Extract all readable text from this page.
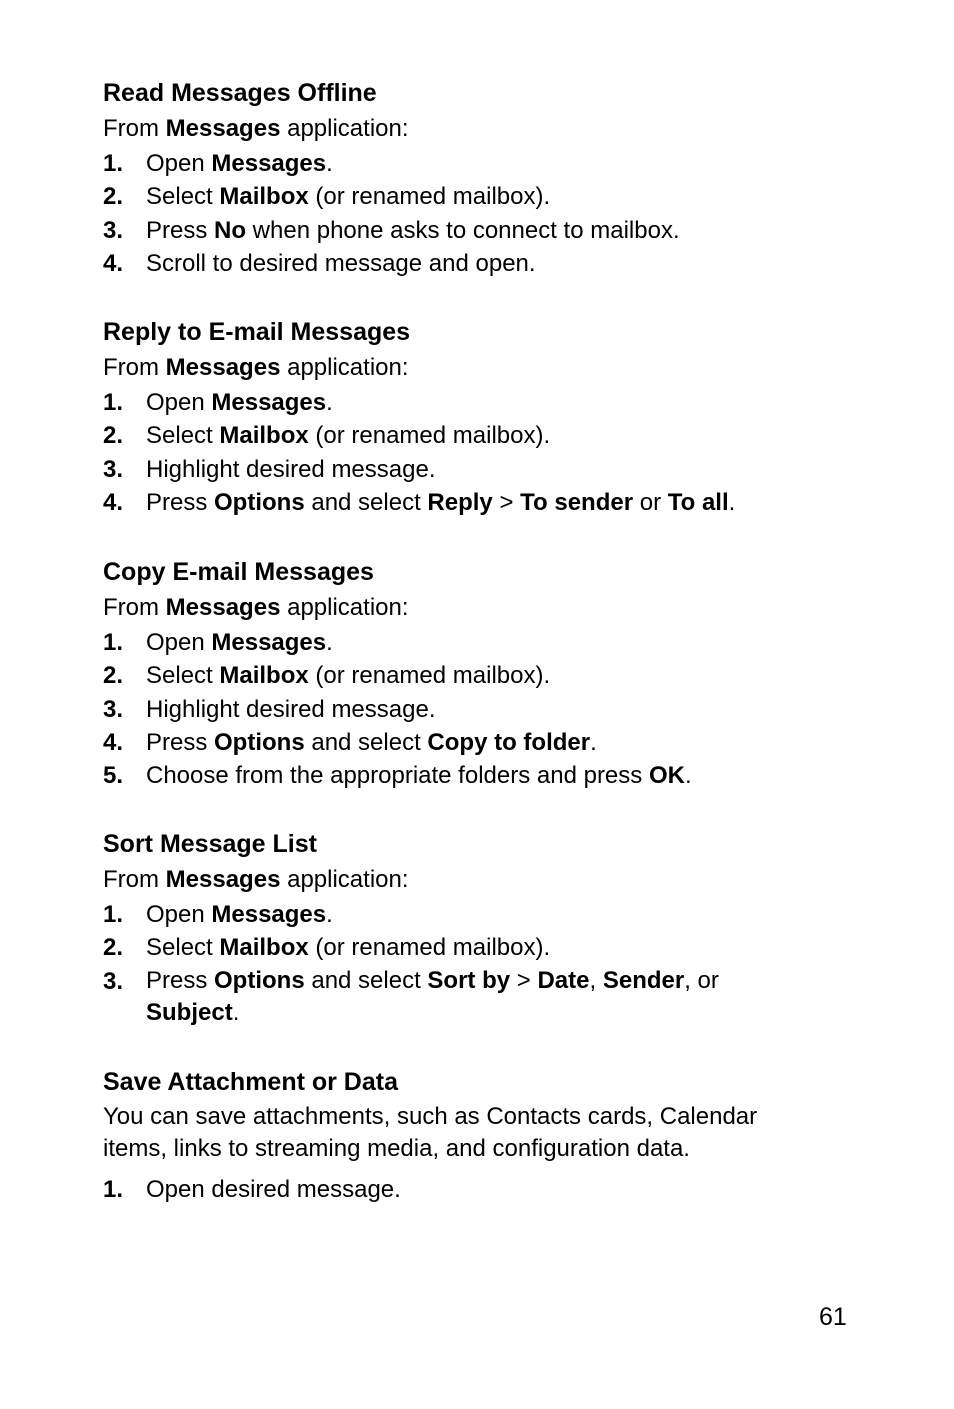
Read Messages Offline
From Messages application:
1. Open Messages.
2. Select Mailbox (or renamed mailbox).
3. Press No when phone asks to connect to mailbox.
4. Scroll to desired message and open.
Reply to E-mail Messages
From Messages application:
1. Open Messages.
2. Select Mailbox (or renamed mailbox).
3. Highlight desired message.
4. Press Options and select Reply > To sender or To all.
Copy E-mail Messages
From Messages application:
1. Open Messages.
2. Select Mailbox (or renamed mailbox).
3. Highlight desired message.
4. Press Options and select Copy to folder.
5. Choose from the appropriate folders and press OK.
Sort Message List
From Messages application:
1. Open Messages.
2. Select Mailbox (or renamed mailbox).
3. Press Options and select Sort by > Date, Sender, or Subject.
Save Attachment or Data
You can save attachments, such as Contacts cards, Calendar items, links to streaming media, and configuration data.
1. Open desired message.
61
